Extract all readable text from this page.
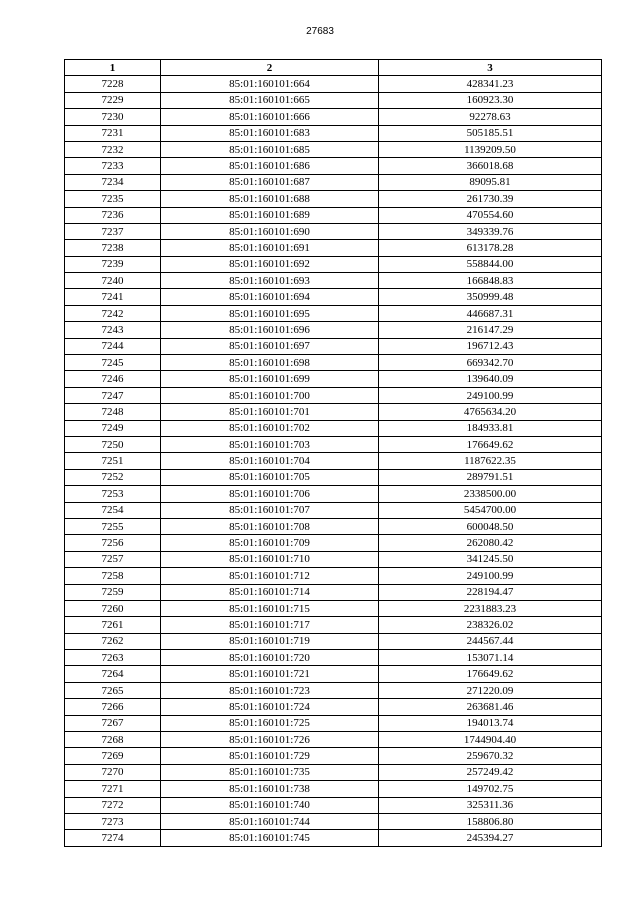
27683
1	2	3
7228	85:01:160101:664	428341.23
7229	85:01:160101:665	160923.30
7230	85:01:160101:666	92278.63
7231	85:01:160101:683	505185.51
7232	85:01:160101:685	1139209.50
7233	85:01:160101:686	366018.68
7234	85:01:160101:687	89095.81
7235	85:01:160101:688	261730.39
7236	85:01:160101:689	470554.60
7237	85:01:160101:690	349339.76
7238	85:01:160101:691	613178.28
7239	85:01:160101:692	558844.00
7240	85:01:160101:693	166848.83
7241	85:01:160101:694	350999.48
7242	85:01:160101:695	446687.31
7243	85:01:160101:696	216147.29
7244	85:01:160101:697	196712.43
7245	85:01:160101:698	669342.70
7246	85:01:160101:699	139640.09
7247	85:01:160101:700	249100.99
7248	85:01:160101:701	4765634.20
7249	85:01:160101:702	184933.81
7250	85:01:160101:703	176649.62
7251	85:01:160101:704	1187622.35
7252	85:01:160101:705	289791.51
7253	85:01:160101:706	2338500.00
7254	85:01:160101:707	5454700.00
7255	85:01:160101:708	600048.50
7256	85:01:160101:709	262080.42
7257	85:01:160101:710	341245.50
7258	85:01:160101:712	249100.99
7259	85:01:160101:714	228194.47
7260	85:01:160101:715	2231883.23
7261	85:01:160101:717	238326.02
7262	85:01:160101:719	244567.44
7263	85:01:160101:720	153071.14
7264	85:01:160101:721	176649.62
7265	85:01:160101:723	271220.09
7266	85:01:160101:724	263681.46
7267	85:01:160101:725	194013.74
7268	85:01:160101:726	1744904.40
7269	85:01:160101:729	259670.32
7270	85:01:160101:735	257249.42
7271	85:01:160101:738	149702.75
7272	85:01:160101:740	325311.36
7273	85:01:160101:744	158806.80
7274	85:01:160101:745	245394.27
